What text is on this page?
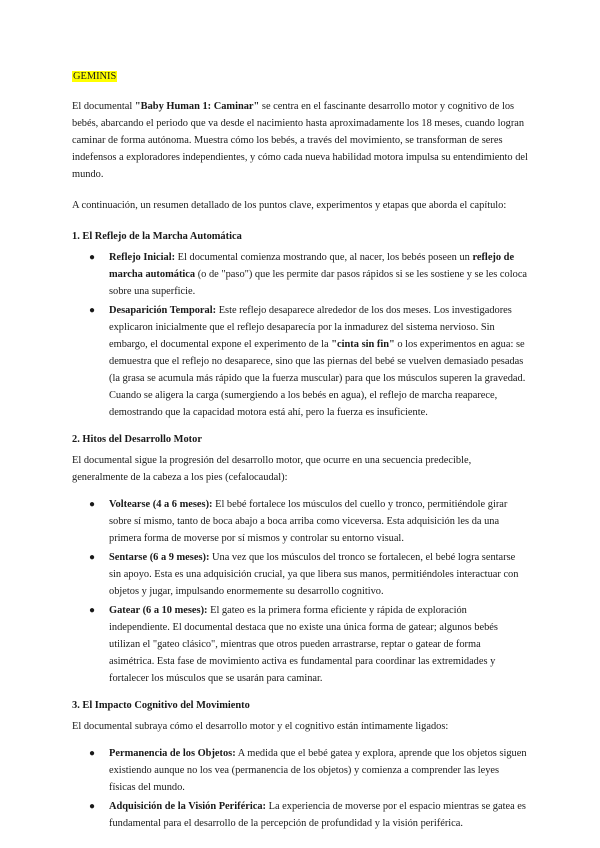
GEMINIS

El documental "Baby Human 1: Caminar" se centra en el fascinante desarrollo motor y cognitivo de los bebés, abarcando el periodo que va desde el nacimiento hasta aproximadamente los 18 meses, cuando logran caminar de forma autónoma. Muestra cómo los bebés, a través del movimiento, se transforman de seres indefensos a exploradores independientes, y cómo cada nueva habilidad motora impulsa su entendimiento del mundo.

A continuación, un resumen detallado de los puntos clave, experimentos y etapas que aborda el capítulo:

1. El Reflejo de la Marcha Automática
● Reflejo Inicial: El documental comienza mostrando que, al nacer, los bebés poseen un reflejo de marcha automática (o de "paso") que les permite dar pasos rápidos si se les sostiene y se les coloca sobre una superficie.
● Desaparición Temporal: Este reflejo desaparece alrededor de los dos meses. Los investigadores explicaron inicialmente que el reflejo desaparecía por la inmadurez del sistema nervioso. Sin embargo, el documental expone el experimento de la "cinta sin fin" o los experimentos en agua: se demuestra que el reflejo no desaparece, sino que las piernas del bebé se vuelven demasiado pesadas (la grasa se acumula más rápido que la fuerza muscular) para que los músculos superen la gravedad. Cuando se aligera la carga (sumergiendo a los bebés en agua), el reflejo de marcha reaparece, demostrando que la capacidad motora está ahí, pero la fuerza es insuficiente.
2. Hitos del Desarrollo Motor

El documental sigue la progresión del desarrollo motor, que ocurre en una secuencia predecible, generalmente de la cabeza a los pies (cefalocaudal):

● Voltearse (4 a 6 meses): El bebé fortalece los músculos del cuello y tronco, permitiéndole girar sobre sí mismo, tanto de boca abajo a boca arriba como viceversa. Esta adquisición les da una primera forma de moverse por sí mismos y controlar su entorno visual.
● Sentarse (6 a 9 meses): Una vez que los músculos del tronco se fortalecen, el bebé logra sentarse sin apoyo. Esta es una adquisición crucial, ya que libera sus manos, permitiéndoles interactuar con objetos y jugar, impulsando enormemente su desarrollo cognitivo.
● Gatear (6 a 10 meses): El gateo es la primera forma eficiente y rápida de exploración independiente. El documental destaca que no existe una única forma de gatear; algunos bebés utilizan el "gateo clásico", mientras que otros pueden arrastrarse, reptar o gatear de forma asimétrica. Esta fase de movimiento activa es fundamental para coordinar las extremidades y fortalecer los músculos que se usarán para caminar.
3. El Impacto Cognitivo del Movimiento

El documental subraya cómo el desarrollo motor y el cognitivo están íntimamente ligados:

● Permanencia de los Objetos: A medida que el bebé gatea y explora, aprende que los objetos siguen existiendo aunque no los vea (permanencia de los objetos) y comienza a comprender las leyes físicas del mundo.
● Adquisición de la Visión Periférica: La experiencia de moverse por el espacio mientras se gatea es fundamental para el desarrollo de la percepción de profundidad y la visión periférica.
